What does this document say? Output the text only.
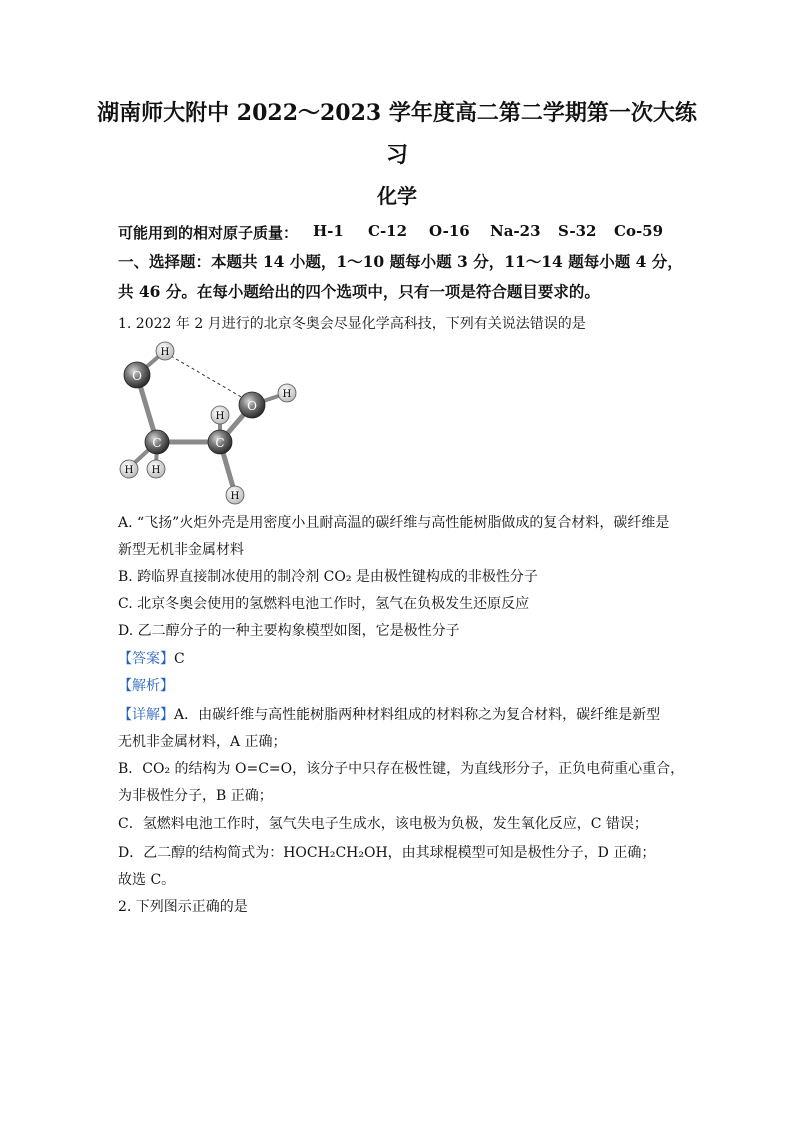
湖南师大附中 2022～2023 学年度高二第二学期第一次大练
习
化学
可能用到的相对原子质量： H-1 C-12 O-16 Na-23 S-32 Co-59
一、选择题：本题共 14 小题，1～10 题每小题 3 分，11～14 题每小题 4 分，
共 46 分。在每小题给出的四个选项中，只有一项是符合题目要求的。
1. 2022 年 2 月进行的北京冬奥会尽显化学高科技，下列有关说法错误的是
H
H
H
H H
H
O
O
C	C
A. “飞扬”火炬外壳是用密度小且耐高温的碳纤维与高性能树脂做成的复合材料，碳纤维是
新型无机非金属材料
B. 跨临界直接制冰使用的制冷剂 CO₂ 是由极性键构成的非极性分子
C. 北京冬奥会使用的氢燃料电池工作时，氢气在负极发生还原反应
D. 乙二醇分子的一种主要构象模型如图，它是极性分子
【答案】C
【解析】
【详解】A．由碳纤维与高性能树脂两种材料组成的材料称之为复合材料，碳纤维是新型
无机非金属材料，A 正确；
B．CO₂ 的结构为 O=C=O，该分子中只存在极性键，为直线形分子，正负电荷重心重合，
为非极性分子，B 正确；
C．氢燃料电池工作时，氢气失电子生成水，该电极为负极，发生氧化反应，C 错误；
D．乙二醇的结构简式为：HOCH₂CH₂OH，由其球棍模型可知是极性分子，D 正确；
故选 C。
2. 下列图示正确的是
